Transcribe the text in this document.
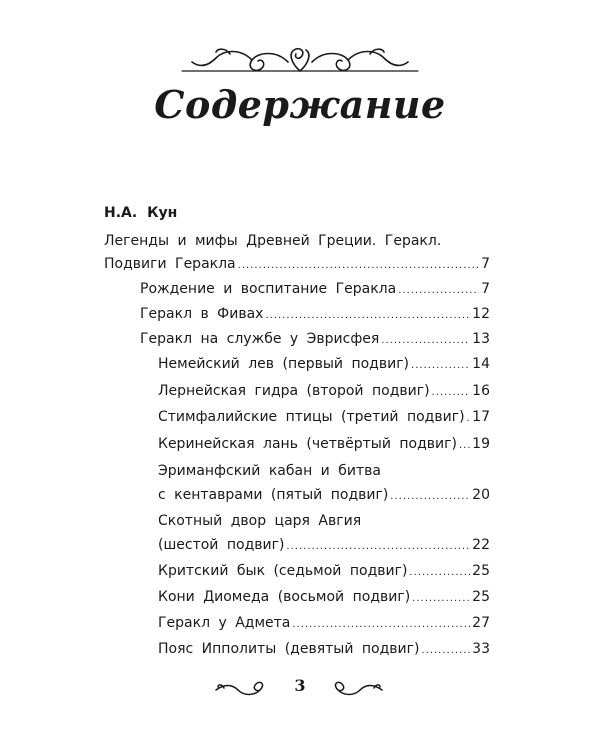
Содержание

Н.А. Кун

Легенды и мифы Древней Греции. Геракл.
Подвиги Геракла .....	7
Рождение и воспитание Геракла .....	7
Геракл в Фивах .....	12
Геракл на службе у Эврисфея .....	13
Немейский лев (первый подвиг) .....	14
Лернейская гидра (второй подвиг) .....	16
Стимфалийские птицы (третий подвиг) ..... 17
Керинейская лань (четвёртый подвиг) ..... 19
Эриманфский кабан и битва
с кентаврами (пятый подвиг) .....	20
Скотный двор царя Авгия
(шестой подвиг) .....	22
Критский бык (седьмой подвиг) .....	25
Кони Диомеда (восьмой подвиг) .....	25
Геракл у Адмета .....	27
Пояс Ипполиты (девятый подвиг) .....	33
3
